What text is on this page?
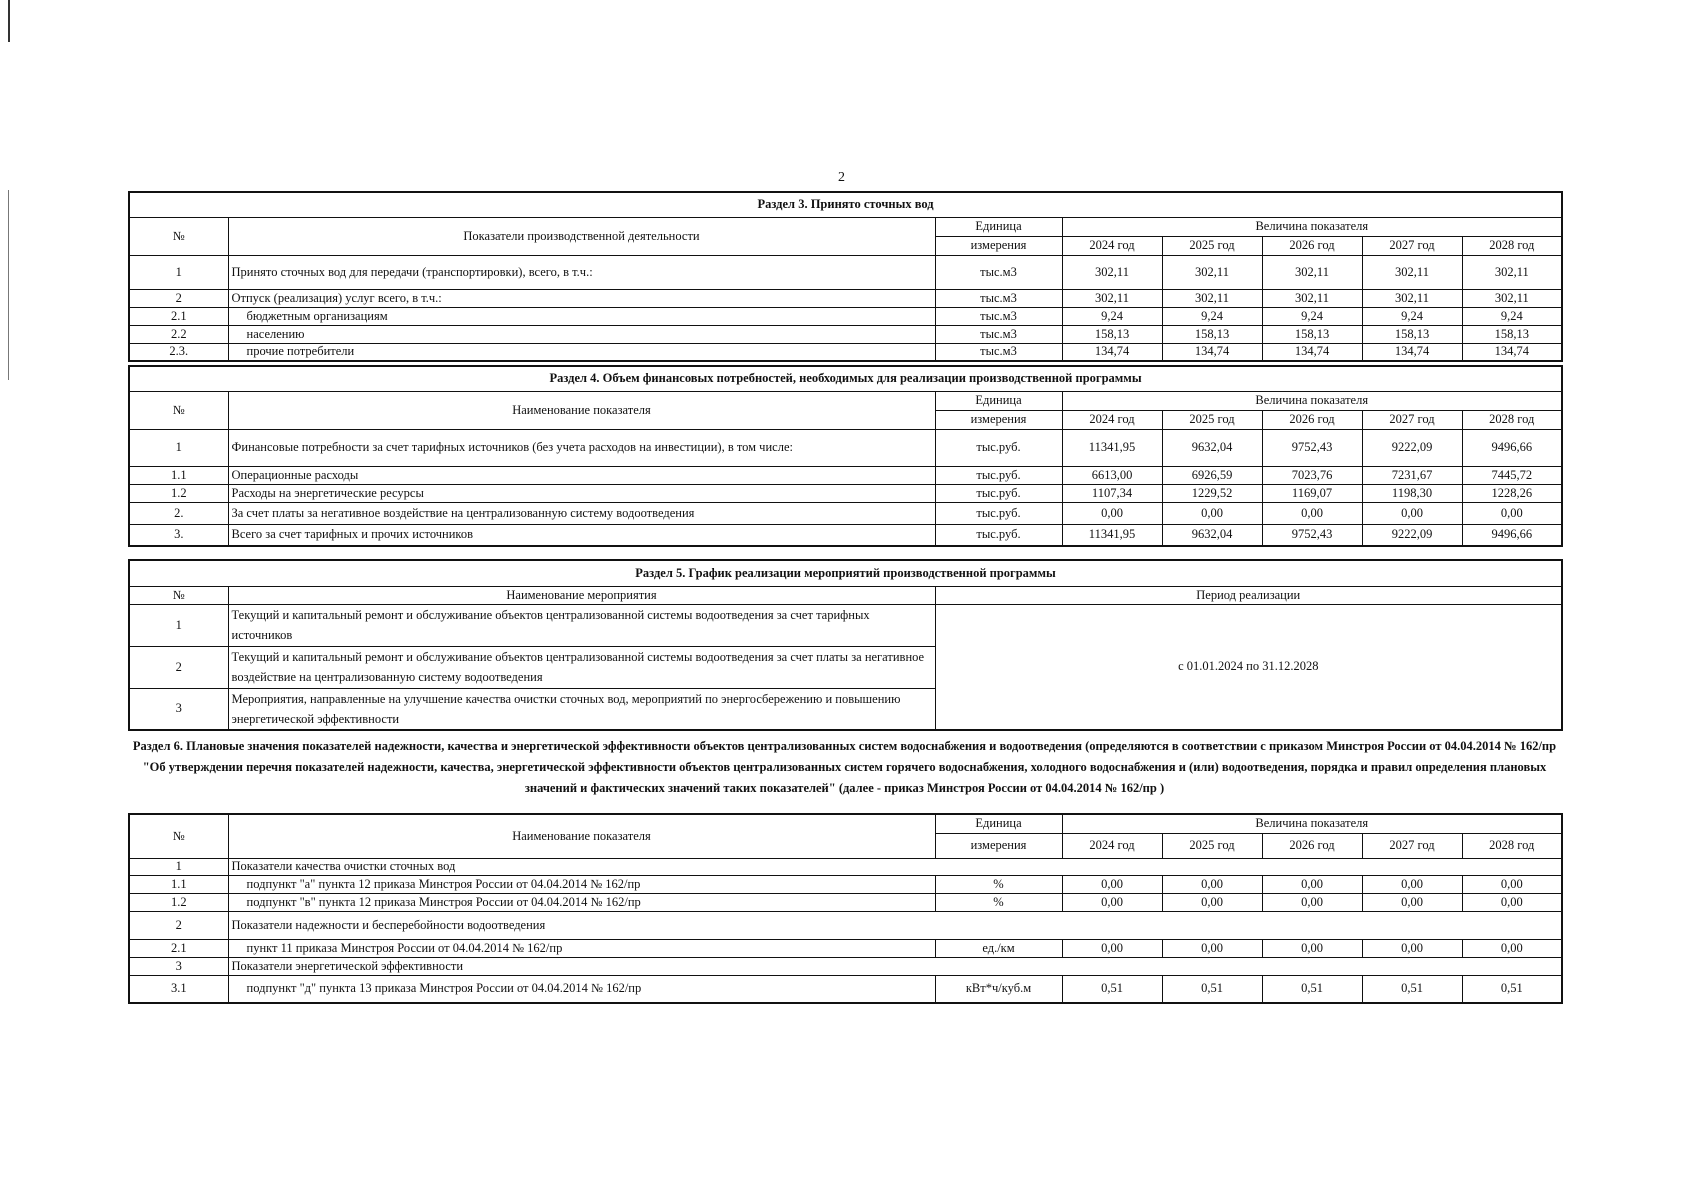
2
Раздел 3. Принято сточных вод							
№	Показатели производственной деятельности	Единица	Величина показателя				
		измерения	2024 год	2025 год	2026 год	2027 год	2028 год
1	Принято сточных вод для передачи (транспортировки), всего, в т.ч.:	тыс.м3	302,11	302,11	302,11	302,11	302,11
2	Отпуск (реализация) услуг всего, в т.ч.:	тыс.м3	302,11	302,11	302,11	302,11	302,11
2.1	бюджетным организациям	тыс.м3	9,24	9,24	9,24	9,24	9,24
2.2	населению	тыс.м3	158,13	158,13	158,13	158,13	158,13
2.3.	прочие потребители	тыс.м3	134,74	134,74	134,74	134,74	134,74
Раздел 4. Объем финансовых потребностей, необходимых для реализации производственной программы							
№	Наименование показателя	Единица	Величина показателя				
		измерения	2024 год	2025 год	2026 год	2027 год	2028 год
1	Финансовые потребности за счет тарифных источников (без учета расходов на инвестиции), в том числе:	тыс.руб.	11341,95	9632,04	9752,43	9222,09	9496,66
1.1	Операционные расходы	тыс.руб.	6613,00	6926,59	7023,76	7231,67	7445,72
1.2	Расходы на энергетические ресурсы	тыс.руб.	1107,34	1229,52	1169,07	1198,30	1228,26
2.	За счет платы за негативное воздействие на централизованную систему водоотведения	тыс.руб.	0,00	0,00	0,00	0,00	0,00
3.	Всего за счет тарифных и прочих источников	тыс.руб.	11341,95	9632,04	9752,43	9222,09	9496,66
Раздел 5. График реализации мероприятий производственной программы		
№	Наименование мероприятия	Период реализации
1	Текущий и капитальный ремонт и обслуживание объектов централизованной системы водоотведения за счет тарифных источников	с 01.01.2024 по 31.12.2028
2	Текущий и капитальный ремонт и обслуживание объектов централизованной системы водоотведения за счет платы за негативное воздействие на централизованную систему водоотведения	
3	Мероприятия, направленные на улучшение качества очистки сточных вод, мероприятий по энергосбережению и повышению энергетической эффективности	
Раздел 6. Плановые значения показателей надежности, качества и энергетической эффективности объектов централизованных систем водоснабжения и водоотведения (определяются в соответствии с приказом Минстроя России от 04.04.2014 № 162/пр "Об утверждении перечня показателей надежности, качества, энергетической эффективности объектов централизованных систем горячего водоснабжения, холодного водоснабжения и (или) водоотведения, порядка и правил определения плановых значений и фактических значений таких показателей" (далее - приказ Минстроя России от 04.04.2014 № 162/пр )
№	Наименование показателя	Единица	Величина показателя				
		измерения	2024 год	2025 год	2026 год	2027 год	2028 год
1	Показатели качества очистки сточных вод						
1.1	подпункт "а" пункта 12 приказа Минстроя России от 04.04.2014 № 162/пр	%	0,00	0,00	0,00	0,00	0,00
1.2	подпункт "в" пункта 12 приказа Минстроя России от 04.04.2014 № 162/пр	%	0,00	0,00	0,00	0,00	0,00
2	Показатели надежности и бесперебойности водоотведения						
2.1	пункт 11 приказа Минстроя России от 04.04.2014 № 162/пр	ед./км	0,00	0,00	0,00	0,00	0,00
3	Показатели энергетической эффективности						
3.1	подпункт "д" пункта 13 приказа Минстроя России от 04.04.2014 № 162/пр	кВт*ч/куб.м	0,51	0,51	0,51	0,51	0,51
